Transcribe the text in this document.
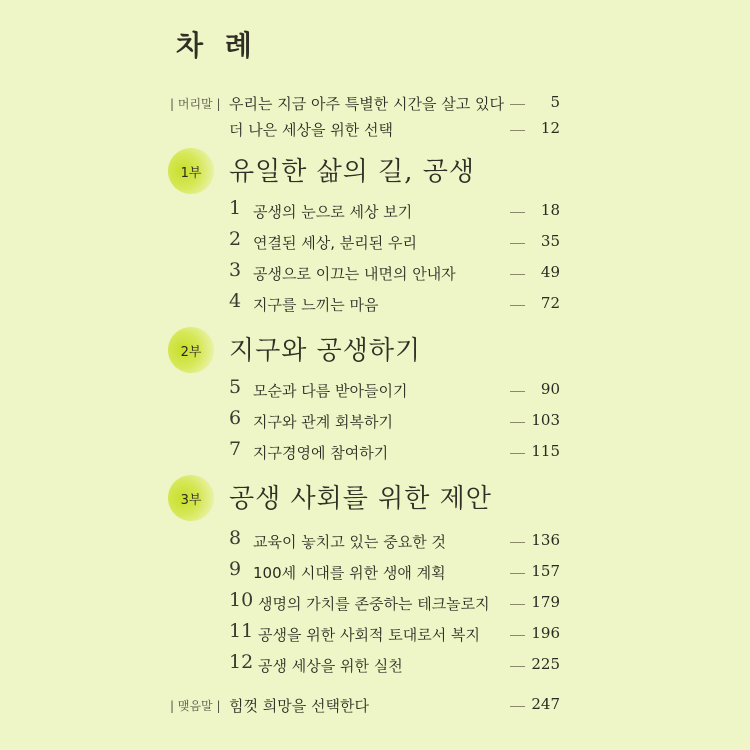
차 례
| 머리말 | 우리는 지금 아주 특별한 시간을 살고 있다	5
더 나은 세상을 위한 선택	12
1부	유일한 삶의 길, 공생
1 공생의 눈으로 세상 보기	18
2 연결된 세상, 분리된 우리	35
3 공생으로 이끄는 내면의 안내자	49
4 지구를 느끼는 마음	72
2부	지구와 공생하기
5 모순과 다름 받아들이기	90
6 지구와 관계 회복하기	103
7 지구경영에 참여하기	115
3부	공생 사회를 위한 제안
8 교육이 놓치고 있는 중요한 것	136
9 100세 시대를 위한 생애 계획	157
10 생명의 가치를 존중하는 테크놀로지	179
11 공생을 위한 사회적 토대로서 복지	196
12 공생 세상을 위한 실천	225
| 맺음말 | 힘껏 희망을 선택한다	247
